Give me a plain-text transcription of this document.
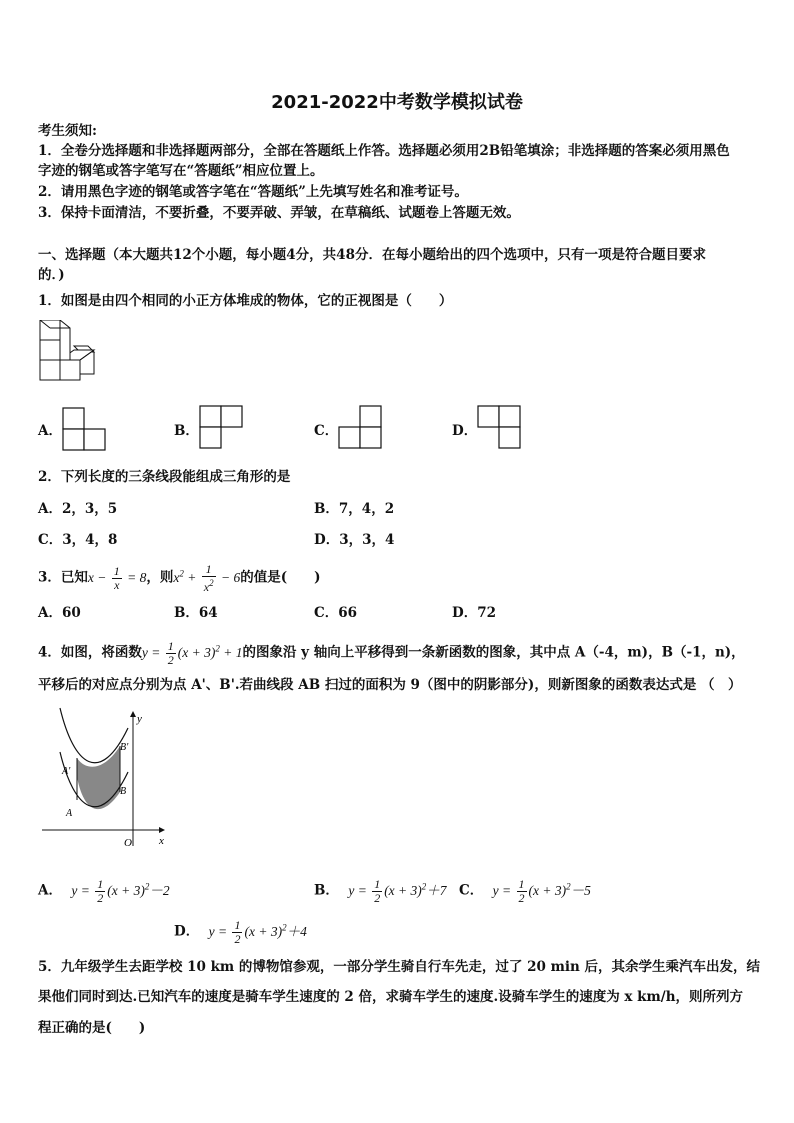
2021-2022中考数学模拟试卷
考生须知:
1．全卷分选择题和非选择题两部分，全部在答题纸上作答。选择题必须用2B铅笔填涂；非选择题的答案必须用黑色
字迹的钢笔或答字笔写在“答题纸”相应位置上。
2．请用黑色字迹的钢笔或答字笔在“答题纸”上先填写姓名和准考证号。
3．保持卡面清洁，不要折叠，不要弄破、弄皱，在草稿纸、试题卷上答题无效。
一、选择题（本大题共12个小题，每小题4分，共48分．在每小题给出的四个选项中，只有一项是符合题目要求
的．)
1．如图是由四个相同的小正方体堆成的物体，它的正视图是（　　）
A．	B．	C．	D．
2．下列长度的三条线段能组成三角形的是
A．2，3，5	B．7，4，2
C．3，4，8	D．3，3，4
3．已知$x - \frac{1}{x} = 8$，则$x^2 + \frac{1}{x^2} - 6$的值是(　　)
A．60	B．64	C．66	D．72
4．如图，将函数$y = \frac{1}{2} (x + 3)^2 + 1$的图象沿 y 轴向上平移得到一条新函数的图象，其中点 A（-4，m)，B（-1，n)，
平移后的对应点分别为点 A'、B'.若曲线段 AB 扫过的面积为 9（图中的阴影部分)，则新图象的函数表达式是 （　）
y
x
O
A
A'
B
B'
A． $y = \frac{1}{2} (x + 3)^2-2$	B． $y = \frac{1}{2} (x + 3)^2+7$ C． $y = \frac{1}{2} (x + 3)^2-5$
D． $y = \frac{1}{2} (x + 3)^2+4$
5．九年级学生去距学校 10 km 的博物馆参观，一部分学生骑自行车先走，过了 20 min 后，其余学生乘汽车出发，结
果他们同时到达.已知汽车的速度是骑车学生速度的 2 倍，求骑车学生的速度.设骑车学生的速度为 x km/h，则所列方
程正确的是(　　)
